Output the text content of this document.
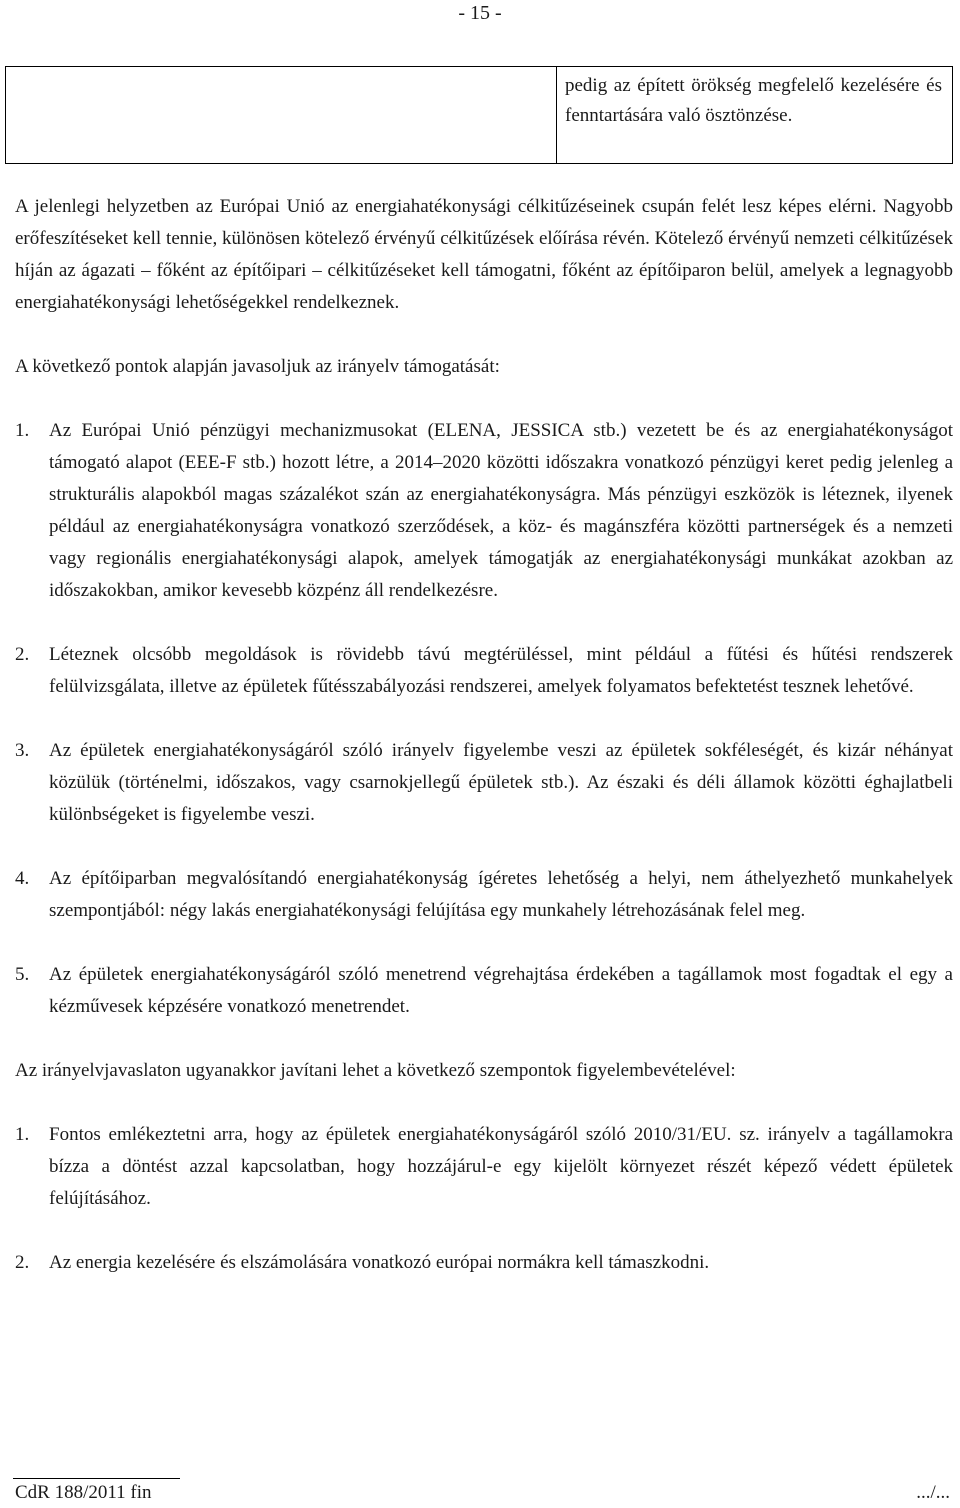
- 15 -
pedig az épített örökség megfelelő kezelésére és fenntartására való ösztönzése.

A jelenlegi helyzetben az Európai Unió az energiahatékonysági célkitűzéseinek csupán felét lesz képes elérni. Nagyobb erőfeszítéseket kell tennie, különösen kötelező érvényű célkitűzések előírása révén. Kötelező érvényű nemzeti célkitűzések híján az ágazati – főként az építőipari – célkitűzéseket kell támogatni, főként az építőiparon belül, amelyek a legnagyobb energiahatékonysági lehetőségekkel rendelkeznek.

A következő pontok alapján javasoljuk az irányelv támogatását:

1. Az Európai Unió pénzügyi mechanizmusokat (ELENA, JESSICA stb.) vezetett be és az energiahatékonyságot támogató alapot (EEE-F stb.) hozott létre, a 2014–2020 közötti időszakra vonatkozó pénzügyi keret pedig jelenleg a strukturális alapokból magas százalékot szán az energiahatékonyságra. Más pénzügyi eszközök is léteznek, ilyenek például az energiahatékonyságra vonatkozó szerződések, a köz- és magánszféra közötti partnerségek és a nemzeti vagy regionális energiahatékonysági alapok, amelyek támogatják az energiahatékonysági munkákat azokban az időszakokban, amikor kevesebb közpénz áll rendelkezésre.
2. Léteznek olcsóbb megoldások is rövidebb távú megtérüléssel, mint például a fűtési és hűtési rendszerek felülvizsgálata, illetve az épületek fűtésszabályozási rendszerei, amelyek folyamatos befektetést tesznek lehetővé.
3. Az épületek energiahatékonyságáról szóló irányelv figyelembe veszi az épületek sokféleségét, és kizár néhányat közülük (történelmi, időszakos, vagy csarnokjellegű épületek stb.). Az északi és déli államok közötti éghajlatbeli különbségeket is figyelembe veszi.
4. Az építőiparban megvalósítandó energiahatékonyság ígéretes lehetőség a helyi, nem áthelyezhető munkahelyek szempontjából: négy lakás energiahatékonysági felújítása egy munkahely létrehozásának felel meg.
5. Az épületek energiahatékonyságáról szóló menetrend végrehajtása érdekében a tagállamok most fogadtak el egy a kézművesek képzésére vonatkozó menetrendet.

Az irányelvjavaslaton ugyanakkor javítani lehet a következő szempontok figyelembevételével:

1. Fontos emlékeztetni arra, hogy az épületek energiahatékonyságáról szóló 2010/31/EU. sz. irányelv a tagállamokra bízza a döntést azzal kapcsolatban, hogy hozzájárul-e egy kijelölt környezet részét képező védett épületek felújításához.
2. Az energia kezelésére és elszámolására vonatkozó európai normákra kell támaszkodni.
CdR 188/2011 fin	.../...
